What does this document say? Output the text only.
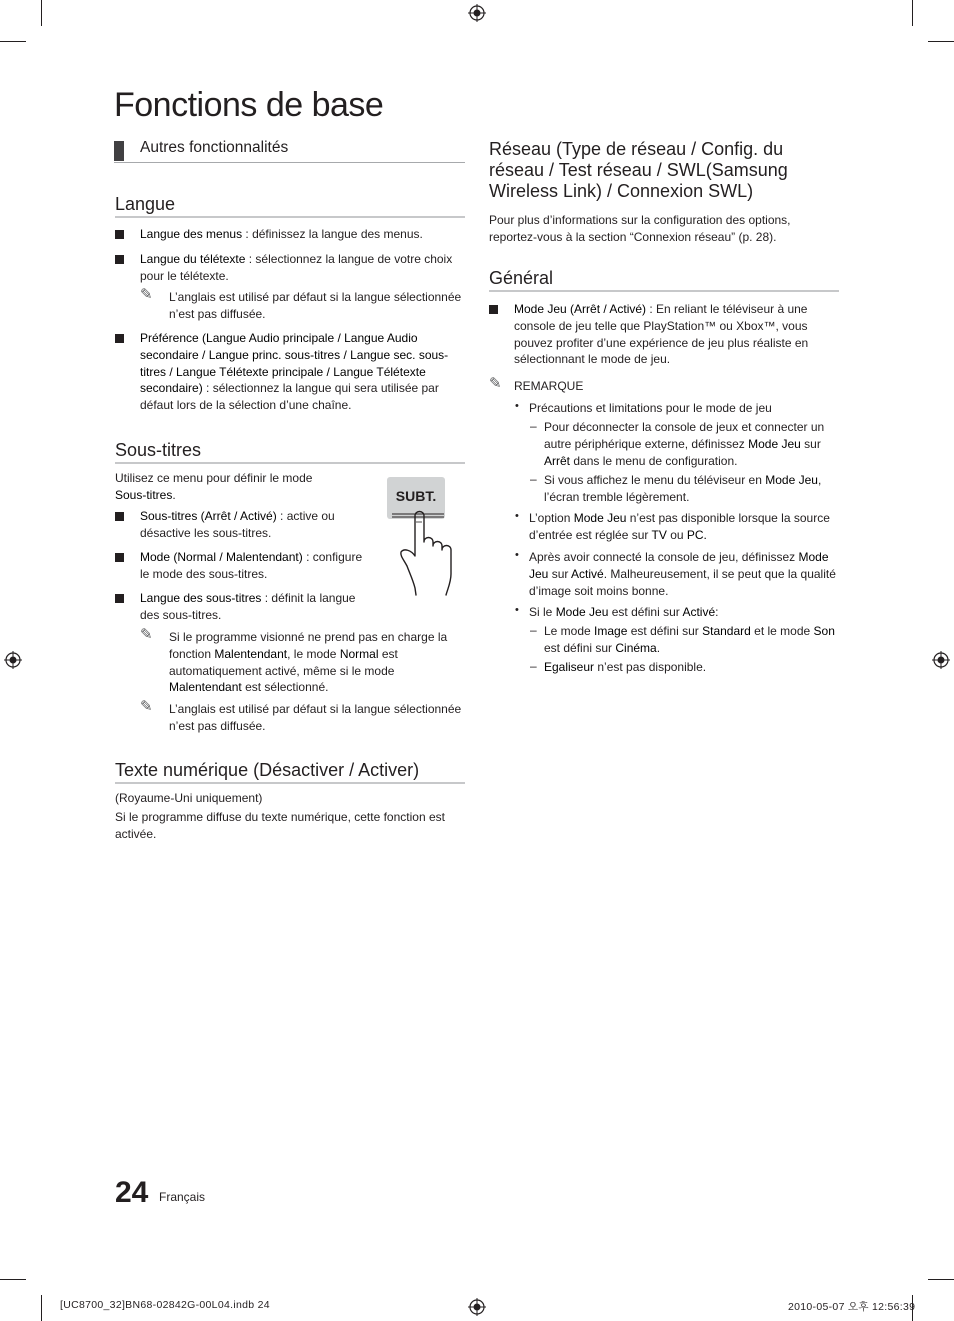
Fonctions de base
Autres fonctionnalités
Langue
Langue des menus : définissez la langue des menus.
Langue du télétexte : sélectionnez la langue de votre choix pour le télétexte.
✎ L’anglais est utilisé par défaut si la langue sélectionnée n’est pas diffusée.
Préférence (Langue Audio principale / Langue Audio secondaire / Langue princ. sous-titres / Langue sec. sous-titres / Langue Télétexte principale / Langue Télétexte secondaire) : sélectionnez la langue qui sera utilisée par défaut lors de la sélection d’une chaîne.
Sous-titres
Utilisez ce menu pour définir le mode Sous-titres.	SUBT.
Sous-titres (Arrêt / Activé) : active ou désactive les sous-titres.
Mode (Normal / Malentendant) : configure le mode des sous-titres.
Langue des sous-titres : définit la langue des sous-titres.
✎ Si le programme visionné ne prend pas en charge la fonction Malentendant, le mode Normal est automatiquement activé, même si le mode Malentendant est sélectionné.
✎ L’anglais est utilisé par défaut si la langue sélectionnée n’est pas diffusée.
Texte numérique (Désactiver / Activer)
(Royaume-Uni uniquement)
Si le programme diffuse du texte numérique, cette fonction est activée.
Réseau (Type de réseau / Config. du réseau / Test réseau / SWL(Samsung Wireless Link) / Connexion SWL)
Pour plus d’informations sur la configuration des options, reportez-vous à la section “Connexion réseau” (p. 28).
Général
Mode Jeu (Arrêt / Activé) : En reliant le téléviseur à une console de jeu telle que PlayStation™ ou Xbox™, vous pouvez profiter d’une expérience de jeu plus réaliste en sélectionnant le mode de jeu.
✎ REMARQUE
• Précautions et limitations pour le mode de jeu
– Pour déconnecter la console de jeux et connecter un autre périphérique externe, définissez Mode Jeu sur Arrêt dans le menu de configuration.
– Si vous affichez le menu du téléviseur en Mode Jeu, l’écran tremble légèrement.
• L’option Mode Jeu n’est pas disponible lorsque la source d’entrée est réglée sur TV ou PC.
• Après avoir connecté la console de jeu, définissez Mode Jeu sur Activé. Malheureusement, il se peut que la qualité d’image soit moins bonne.
• Si le Mode Jeu est défini sur Activé:
– Le mode Image est défini sur Standard et le mode Son est défini sur Cinéma.
– Egaliseur n’est pas disponible.
24 Français
[UC8700_32]BN68-02842G-00L04.indb 24	2010-05-07 오후 12:56:39
